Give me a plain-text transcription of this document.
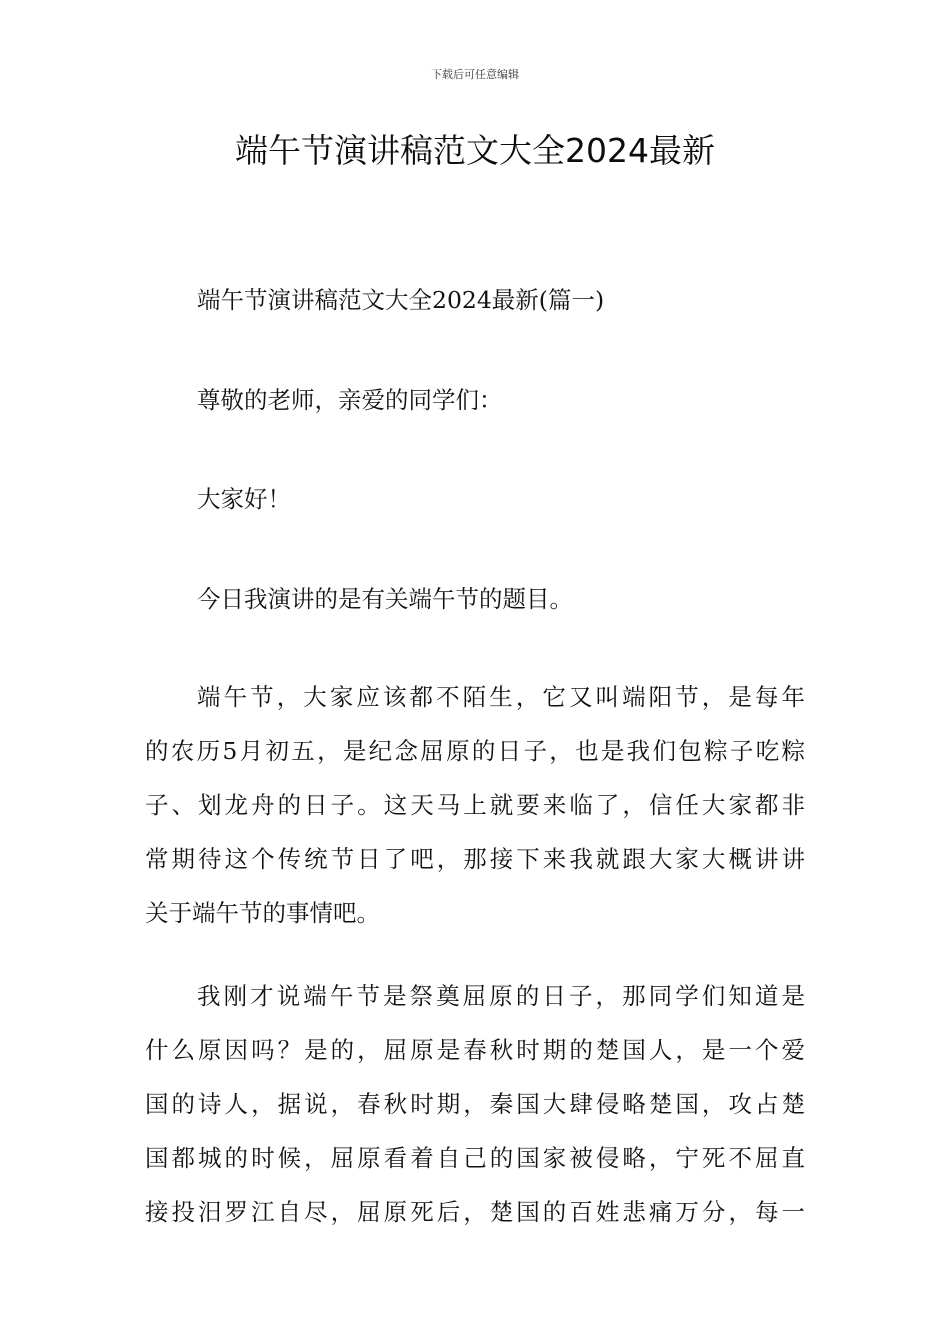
下载后可任意编辑
端午节演讲稿范文大全2024最新
端午节演讲稿范文大全2024最新(篇一)
尊敬的老师，亲爱的同学们：
大家好！
今日我演讲的是有关端午节的题目。
端午节，大家应该都不陌生，它又叫端阳节，是每年
的农历5月初五，是纪念屈原的日子，也是我们包粽子吃粽
子、划龙舟的日子。这天马上就要来临了，信任大家都非
常期待这个传统节日了吧，那接下来我就跟大家大概讲讲
关于端午节的事情吧。
我刚才说端午节是祭奠屈原的日子，那同学们知道是
什么原因吗？是的，屈原是春秋时期的楚国人，是一个爱
国的诗人，据说，春秋时期，秦国大肆侵略楚国，攻占楚
国都城的时候，屈原看着自己的国家被侵略，宁死不屈直
接投汨罗江自尽，屈原死后，楚国的百姓悲痛万分，每一
